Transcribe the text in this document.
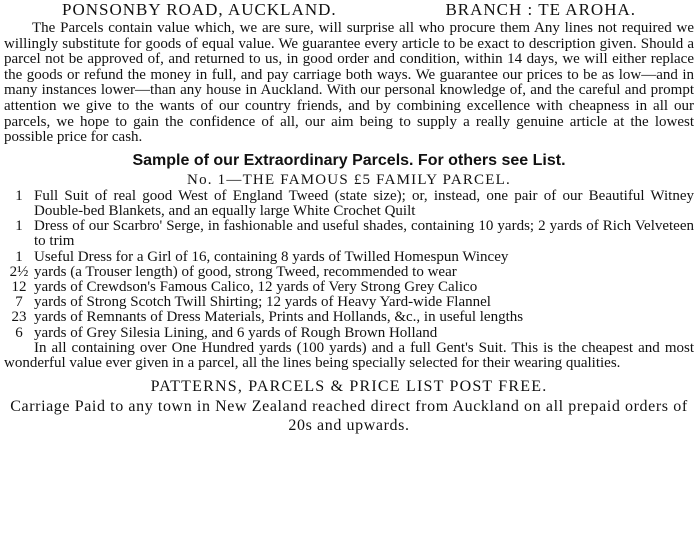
PONSONBY ROAD, AUCKLAND.	BRANCH : TE AROHA.
The Parcels contain value which, we are sure, will surprise all who procure them Any lines not required we willingly substitute for goods of equal value. We guarantee every article to be exact to description given. Should a parcel not be approved of, and returned to us, in good order and condition, within 14 days, we will either replace the goods or refund the money in full, and pay carriage both ways. We guarantee our prices to be as low—and in many instances lower—than any house in Auckland. With our personal knowledge of, and the careful and prompt attention we give to the wants of our country friends, and by combining excellence with cheapness in all our parcels, we hope to gain the confidence of all, our aim being to supply a really genuine article at the lowest possible price for cash.
Sample of our Extraordinary Parcels. For others see List.
No. 1—THE FAMOUS £5 FAMILY PARCEL.
1 Full Suit of real good West of England Tweed (state size); or, instead, one pair of our Beautiful Witney Double-bed Blankets, and an equally large White Crochet Quilt
1 Dress of our Scarbro' Serge, in fashionable and useful shades, containing 10 yards; 2 yards of Rich Velveteen to trim
1 Useful Dress for a Girl of 16, containing 8 yards of Twilled Homespun Wincey
2½ yards (a Trouser length) of good, strong Tweed, recommended to wear
12 yards of Crewdson's Famous Calico, 12 yards of Very Strong Grey Calico
7 yards of Strong Scotch Twill Shirting; 12 yards of Heavy Yard-wide Flannel
23 yards of Remnants of Dress Materials, Prints and Hollands, &c., in useful lengths
6 yards of Grey Silesia Lining, and 6 yards of Rough Brown Holland
In all containing over One Hundred yards (100 yards) and a full Gent's Suit. This is the cheapest and most wonderful value ever given in a parcel, all the lines being specially selected for their wearing qualities.
PATTERNS, PARCELS & PRICE LIST POST FREE.
Carriage Paid to any town in New Zealand reached direct from Auckland on all prepaid orders of 20s and upwards.
